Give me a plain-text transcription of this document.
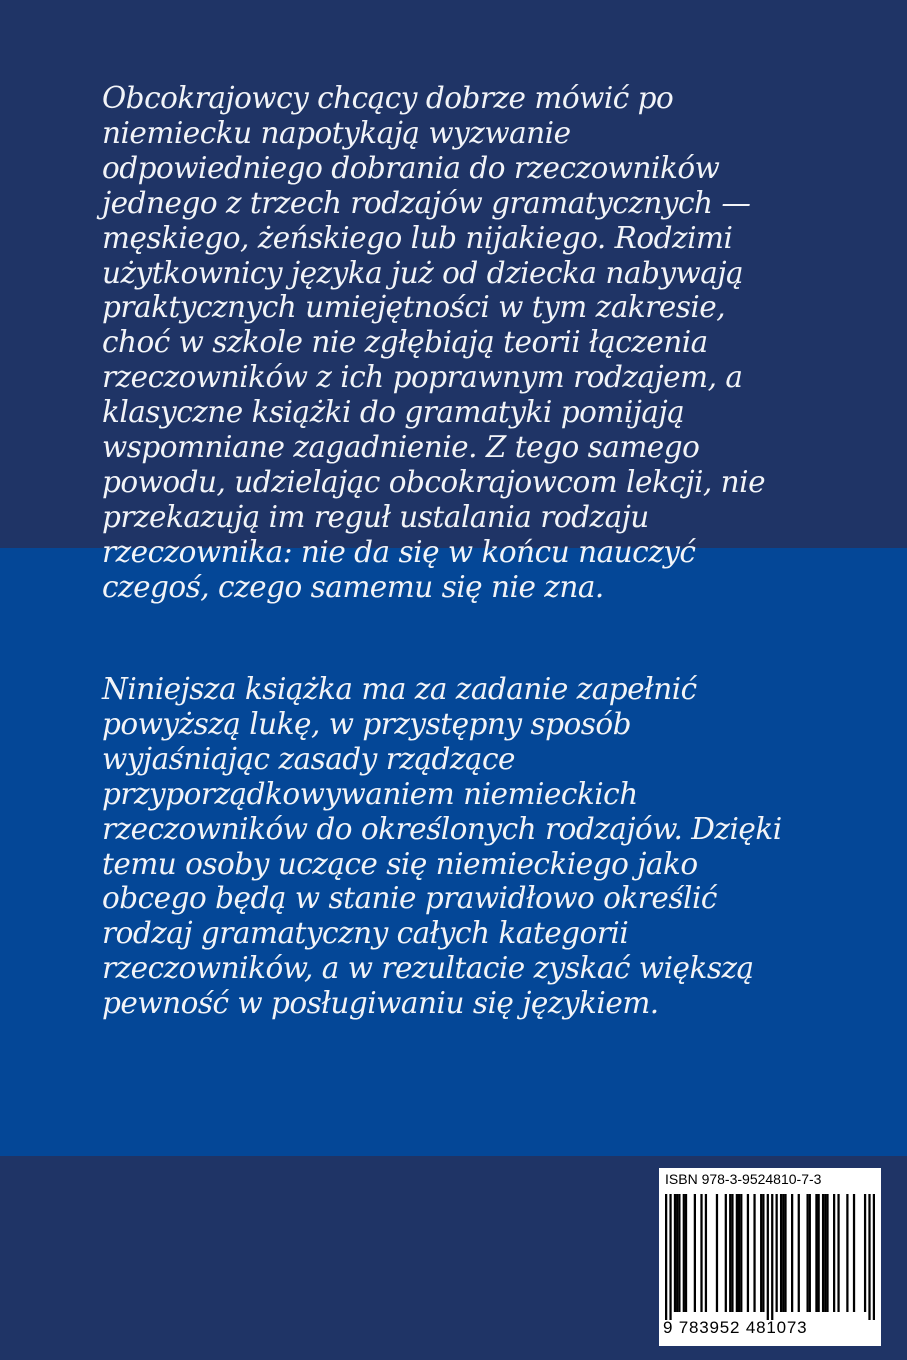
Obcokrajowcy chcący dobrze mówić po
niemiecku napotykają wyzwanie
odpowiedniego dobrania do rzeczowników
jednego z trzech rodzajów gramatycznych —
męskiego, żeńskiego lub nijakiego. Rodzimi
użytkownicy języka już od dziecka nabywają
praktycznych umiejętności w tym zakresie,
choć w szkole nie zgłębiają teorii łączenia
rzeczowników z ich poprawnym rodzajem, a
klasyczne książki do gramatyki pomijają
wspomniane zagadnienie. Z tego samego
powodu, udzielając obcokrajowcom lekcji, nie
przekazują im reguł ustalania rodzaju
rzeczownika: nie da się w końcu nauczyć
czegoś, czego samemu się nie zna.
Niniejsza książka ma za zadanie zapełnić
powyższą lukę, w przystępny sposób
wyjaśniając zasady rządzące
przyporządkowywaniem niemieckich
rzeczowników do określonych rodzajów. Dzięki
temu osoby uczące się niemieckiego jako
obcego będą w stanie prawidłowo określić
rodzaj gramatyczny całych kategorii
rzeczowników, a w rezultacie zyskać większą
pewność w posługiwaniu się językiem.
ISBN 978-3-9524810-7-3
9 783952 481073
